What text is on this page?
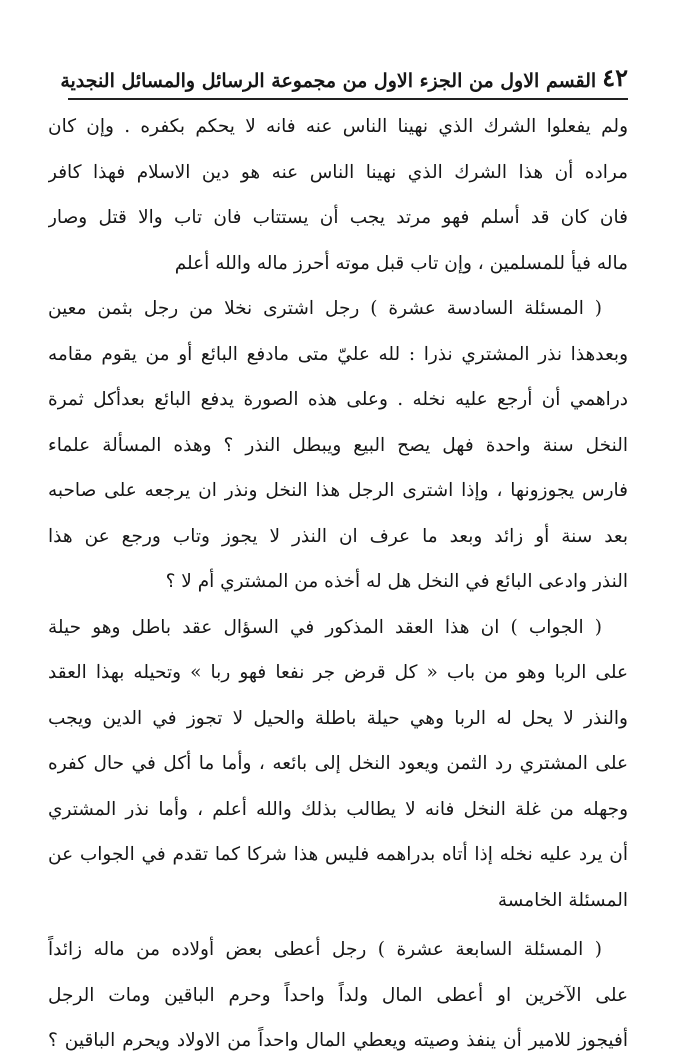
٤٢
القسم الاول من الجزء الاول من مجموعة الرسائل والمسائل النجدية
ولم يفعلوا الشرك الذي نهينا الناس عنه فانه لا يحكم بكفره . وإن كان
مراده أن هذا الشرك الذي نهينا الناس عنه هو دين الاسلام فهذا كافر
فان كان قد أسلم فهو مرتد يجب أن يستتاب فان تاب والا قتل وصار
ماله فيأ للمسلمين ، وإن تاب قبل موته أحرز ماله والله أعلم
( المسئلة السادسة عشرة ) رجل اشترى نخلا من رجل بثمن معين
وبعدهذا نذر المشتري نذرا : لله عليّ متى مادفع البائع أو من يقوم مقامه
دراهمي أن أرجع عليه نخله . وعلى هذه الصورة يدفع البائع بعدأكل ثمرة
النخل سنة واحدة فهل يصح البيع ويبطل النذر ؟ وهذه المسألة علماء
فارس يجوزونها ، وإذا اشترى الرجل هذا النخل ونذر ان يرجعه على صاحبه
بعد سنة أو زائد وبعد ما عرف ان النذر لا يجوز وتاب ورجع عن هذا
النذر وادعى البائع في النخل هل له أخذه من المشتري أم لا ؟
( الجواب ) ان هذا العقد المذكور في السؤال عقد باطل وهو حيلة
على الربا وهو من باب « كل قرض جر نفعا فهو ربا » وتحيله بهذا العقد
والنذر لا يحل له الربا وهي حيلة باطلة والحيل لا تجوز في الدين ويجب
على المشتري رد الثمن ويعود النخل إلى بائعه ، وأما ما أكل في حال كفره
وجهله من غلة النخل فانه لا يطالب بذلك والله أعلم ، وأما نذر المشتري
أن يرد عليه نخله إذا أتاه بدراهمه فليس هذا شركا كما تقدم في الجواب عن
المسئلة الخامسة
( المسئلة السابعة عشرة ) رجل أعطى بعض أولاده من ماله زائداً
على الآخرين او أعطى المال ولداً واحداً وحرم الباقين ومات الرجل
أفيجوز للامير أن ينفذ وصيته ويعطي المال واحداً من الاولاد ويحرم الباقين ؟
